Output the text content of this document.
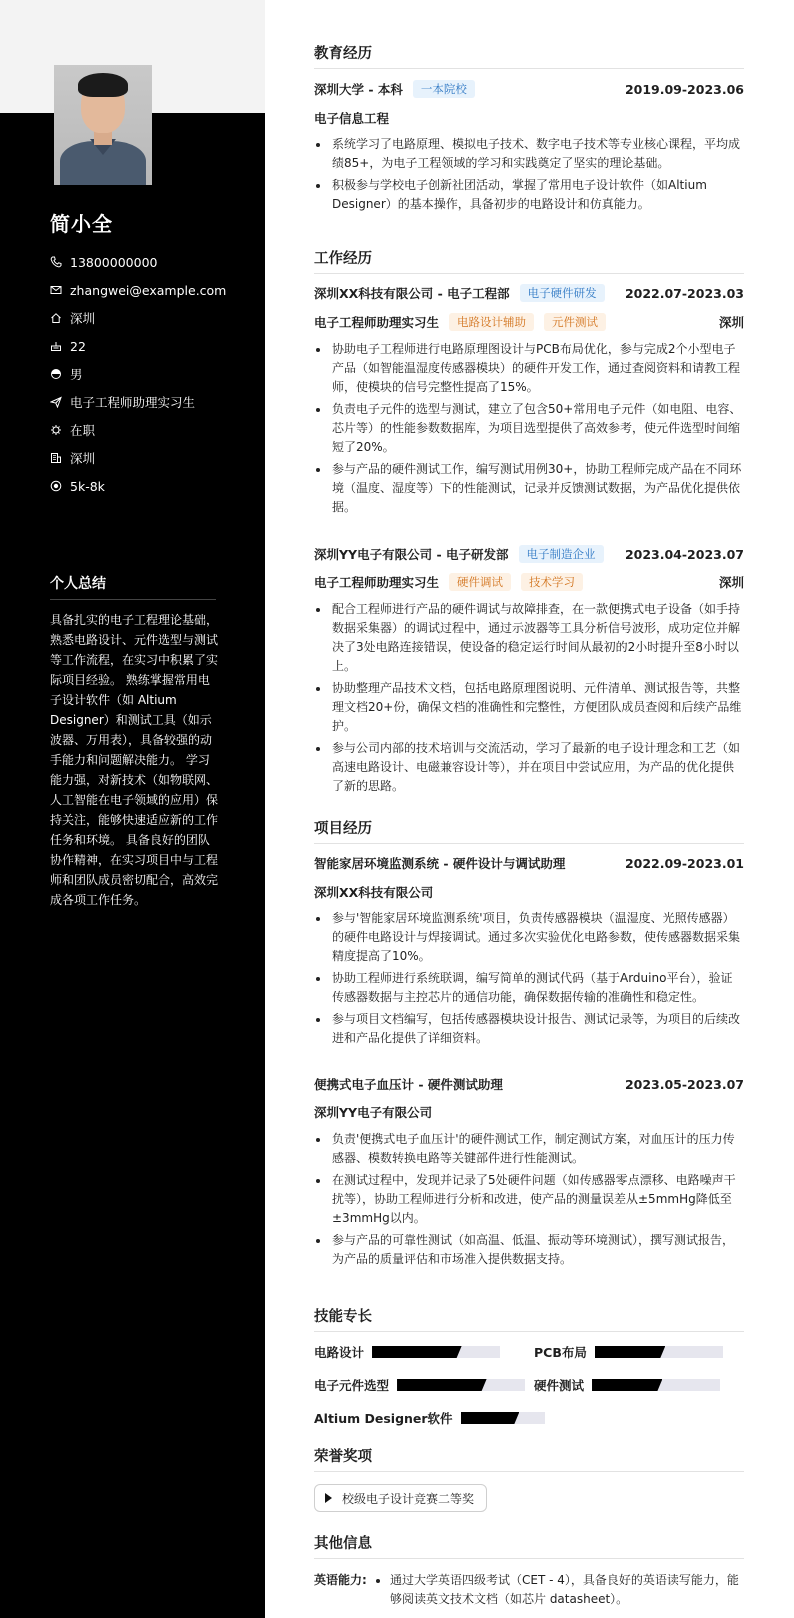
简小全
13800000000
zhangwei@example.com
深圳
22
男
电子工程师助理实习生
在职
深圳
5k-8k
个人总结
具备扎实的电子工程理论基础，熟悉电路设计、元件选型与测试等工作流程，在实习中积累了实际项目经验。 熟练掌握常用电子设计软件（如 Altium Designer）和测试工具（如示波器、万用表），具备较强的动手能力和问题解决能力。 学习能力强，对新技术（如物联网、人工智能在电子领域的应用）保持关注，能够快速适应新的工作任务和环境。 具备良好的团队协作精神，在实习项目中与工程师和团队成员密切配合，高效完成各项工作任务。
教育经历
深圳大学 - 本科	一本院校	2019.09-2023.06
电子信息工程
系统学习了电路原理、模拟电子技术、数字电子技术等专业核心课程，平均成绩85+，为电子工程领域的学习和实践奠定了坚实的理论基础。
积极参与学校电子创新社团活动，掌握了常用电子设计软件（如Altium Designer）的基本操作，具备初步的电路设计和仿真能力。
工作经历
深圳XX科技有限公司 - 电子工程部	电子硬件研发	2022.07-2023.03
电子工程师助理实习生	电路设计辅助	元件测试	深圳
协助电子工程师进行电路原理图设计与PCB布局优化，参与完成2个小型电子产品（如智能温湿度传感器模块）的硬件开发工作，通过查阅资料和请教工程师，使模块的信号完整性提高了15%。
负责电子元件的选型与测试，建立了包含50+常用电子元件（如电阻、电容、芯片等）的性能参数数据库，为项目选型提供了高效参考，使元件选型时间缩短了20%。
参与产品的硬件测试工作，编写测试用例30+，协助工程师完成产品在不同环境（温度、湿度等）下的性能测试，记录并反馈测试数据，为产品优化提供依据。
深圳YY电子有限公司 - 电子研发部	电子制造企业	2023.04-2023.07
电子工程师助理实习生	硬件调试	技术学习	深圳
配合工程师进行产品的硬件调试与故障排查，在一款便携式电子设备（如手持数据采集器）的调试过程中，通过示波器等工具分析信号波形，成功定位并解决了3处电路连接错误，使设备的稳定运行时间从最初的2小时提升至8小时以上。
协助整理产品技术文档，包括电路原理图说明、元件清单、测试报告等，共整理文档20+份，确保文档的准确性和完整性，方便团队成员查阅和后续产品维护。
参与公司内部的技术培训与交流活动，学习了最新的电子设计理念和工艺（如高速电路设计、电磁兼容设计等），并在项目中尝试应用，为产品的优化提供了新的思路。
项目经历
智能家居环境监测系统 - 硬件设计与调试助理	2022.09-2023.01
深圳XX科技有限公司
参与'智能家居环境监测系统'项目，负责传感器模块（温湿度、光照传感器）的硬件电路设计与焊接调试。通过多次实验优化电路参数，使传感器数据采集精度提高了10%。
协助工程师进行系统联调，编写简单的测试代码（基于Arduino平台），验证传感器数据与主控芯片的通信功能，确保数据传输的准确性和稳定性。
参与项目文档编写，包括传感器模块设计报告、测试记录等，为项目的后续改进和产品化提供了详细资料。
便携式电子血压计 - 硬件测试助理	2023.05-2023.07
深圳YY电子有限公司
负责'便携式电子血压计'的硬件测试工作，制定测试方案，对血压计的压力传感器、模数转换电路等关键部件进行性能测试。
在测试过程中，发现并记录了5处硬件问题（如传感器零点漂移、电路噪声干扰等），协助工程师进行分析和改进，使产品的测量误差从±5mmHg降低至±3mmHg以内。
参与产品的可靠性测试（如高温、低温、振动等环境测试），撰写测试报告，为产品的质量评估和市场准入提供数据支持。
技能专长
电路设计	PCB布局
电子元件选型	硬件测试
Altium Designer软件
荣誉奖项
校级电子设计竞赛二等奖
其他信息
英语能力:	通过大学英语四级考试（CET - 4），具备良好的英语读写能力，能够阅读英文技术文档（如芯片 datasheet）。
